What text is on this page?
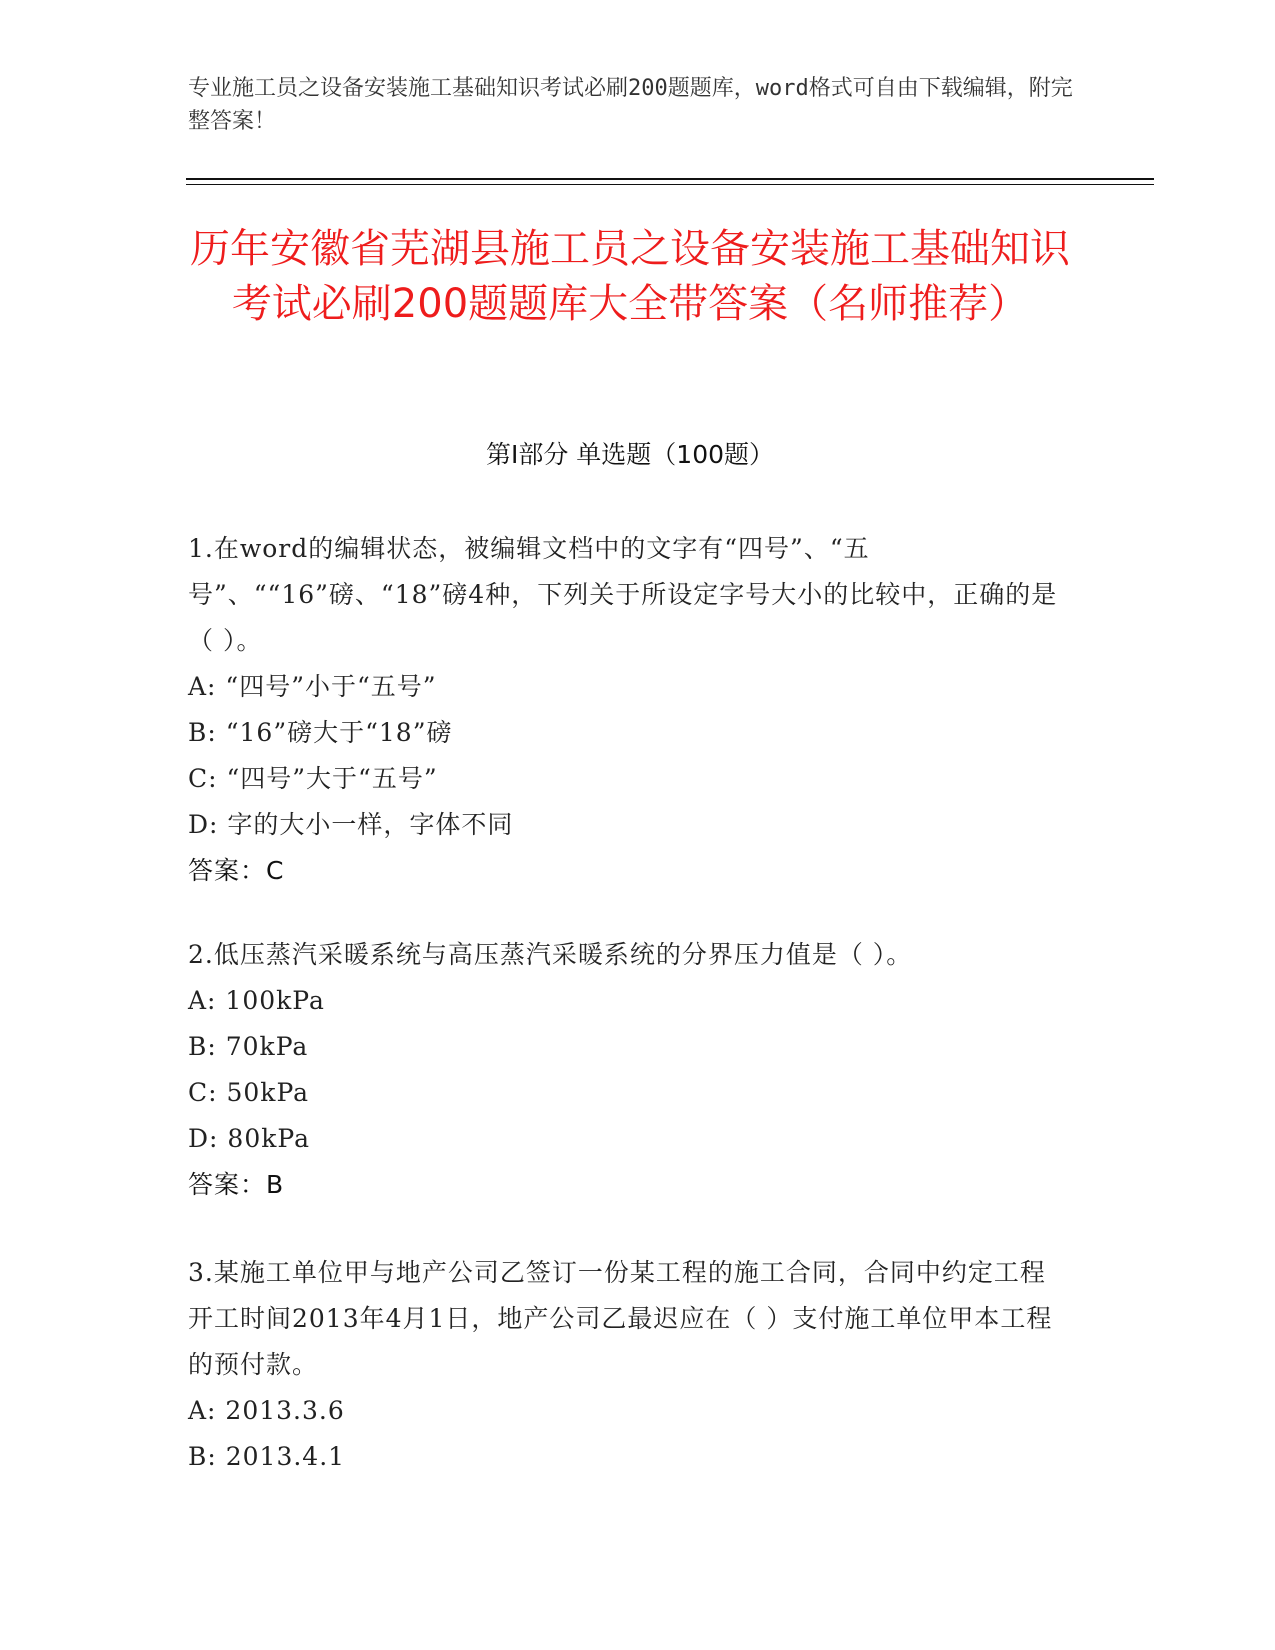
专业施工员之设备安装施工基础知识考试必刷200题题库，word格式可自由下载编辑，附完整答案！
历年安徽省芜湖县施工员之设备安装施工基础知识考试必刷200题题库大全带答案（名师推荐）
第Ⅰ部分 单选题（100题）

1.在word的编辑状态，被编辑文档中的文字有“四号”、“五号”、““16”磅、“18”磅4种，下列关于所设定字号大小的比较中，正确的是（ ）。

A: “四号”小于“五号”

B: “16”磅大于“18”磅

C: “四号”大于“五号”

D: 字的大小一样，字体不同

答案：C

2.低压蒸汽采暖系统与高压蒸汽采暖系统的分界压力值是（ ）。

A: 100kPa

B: 70kPa

C: 50kPa

D: 80kPa

答案：B

3.某施工单位甲与地产公司乙签订一份某工程的施工合同，合同中约定工程开工时间2013年4月1日，地产公司乙最迟应在（ ）支付施工单位甲本工程的预付款。

A: 2013.3.6

B: 2013.4.1
